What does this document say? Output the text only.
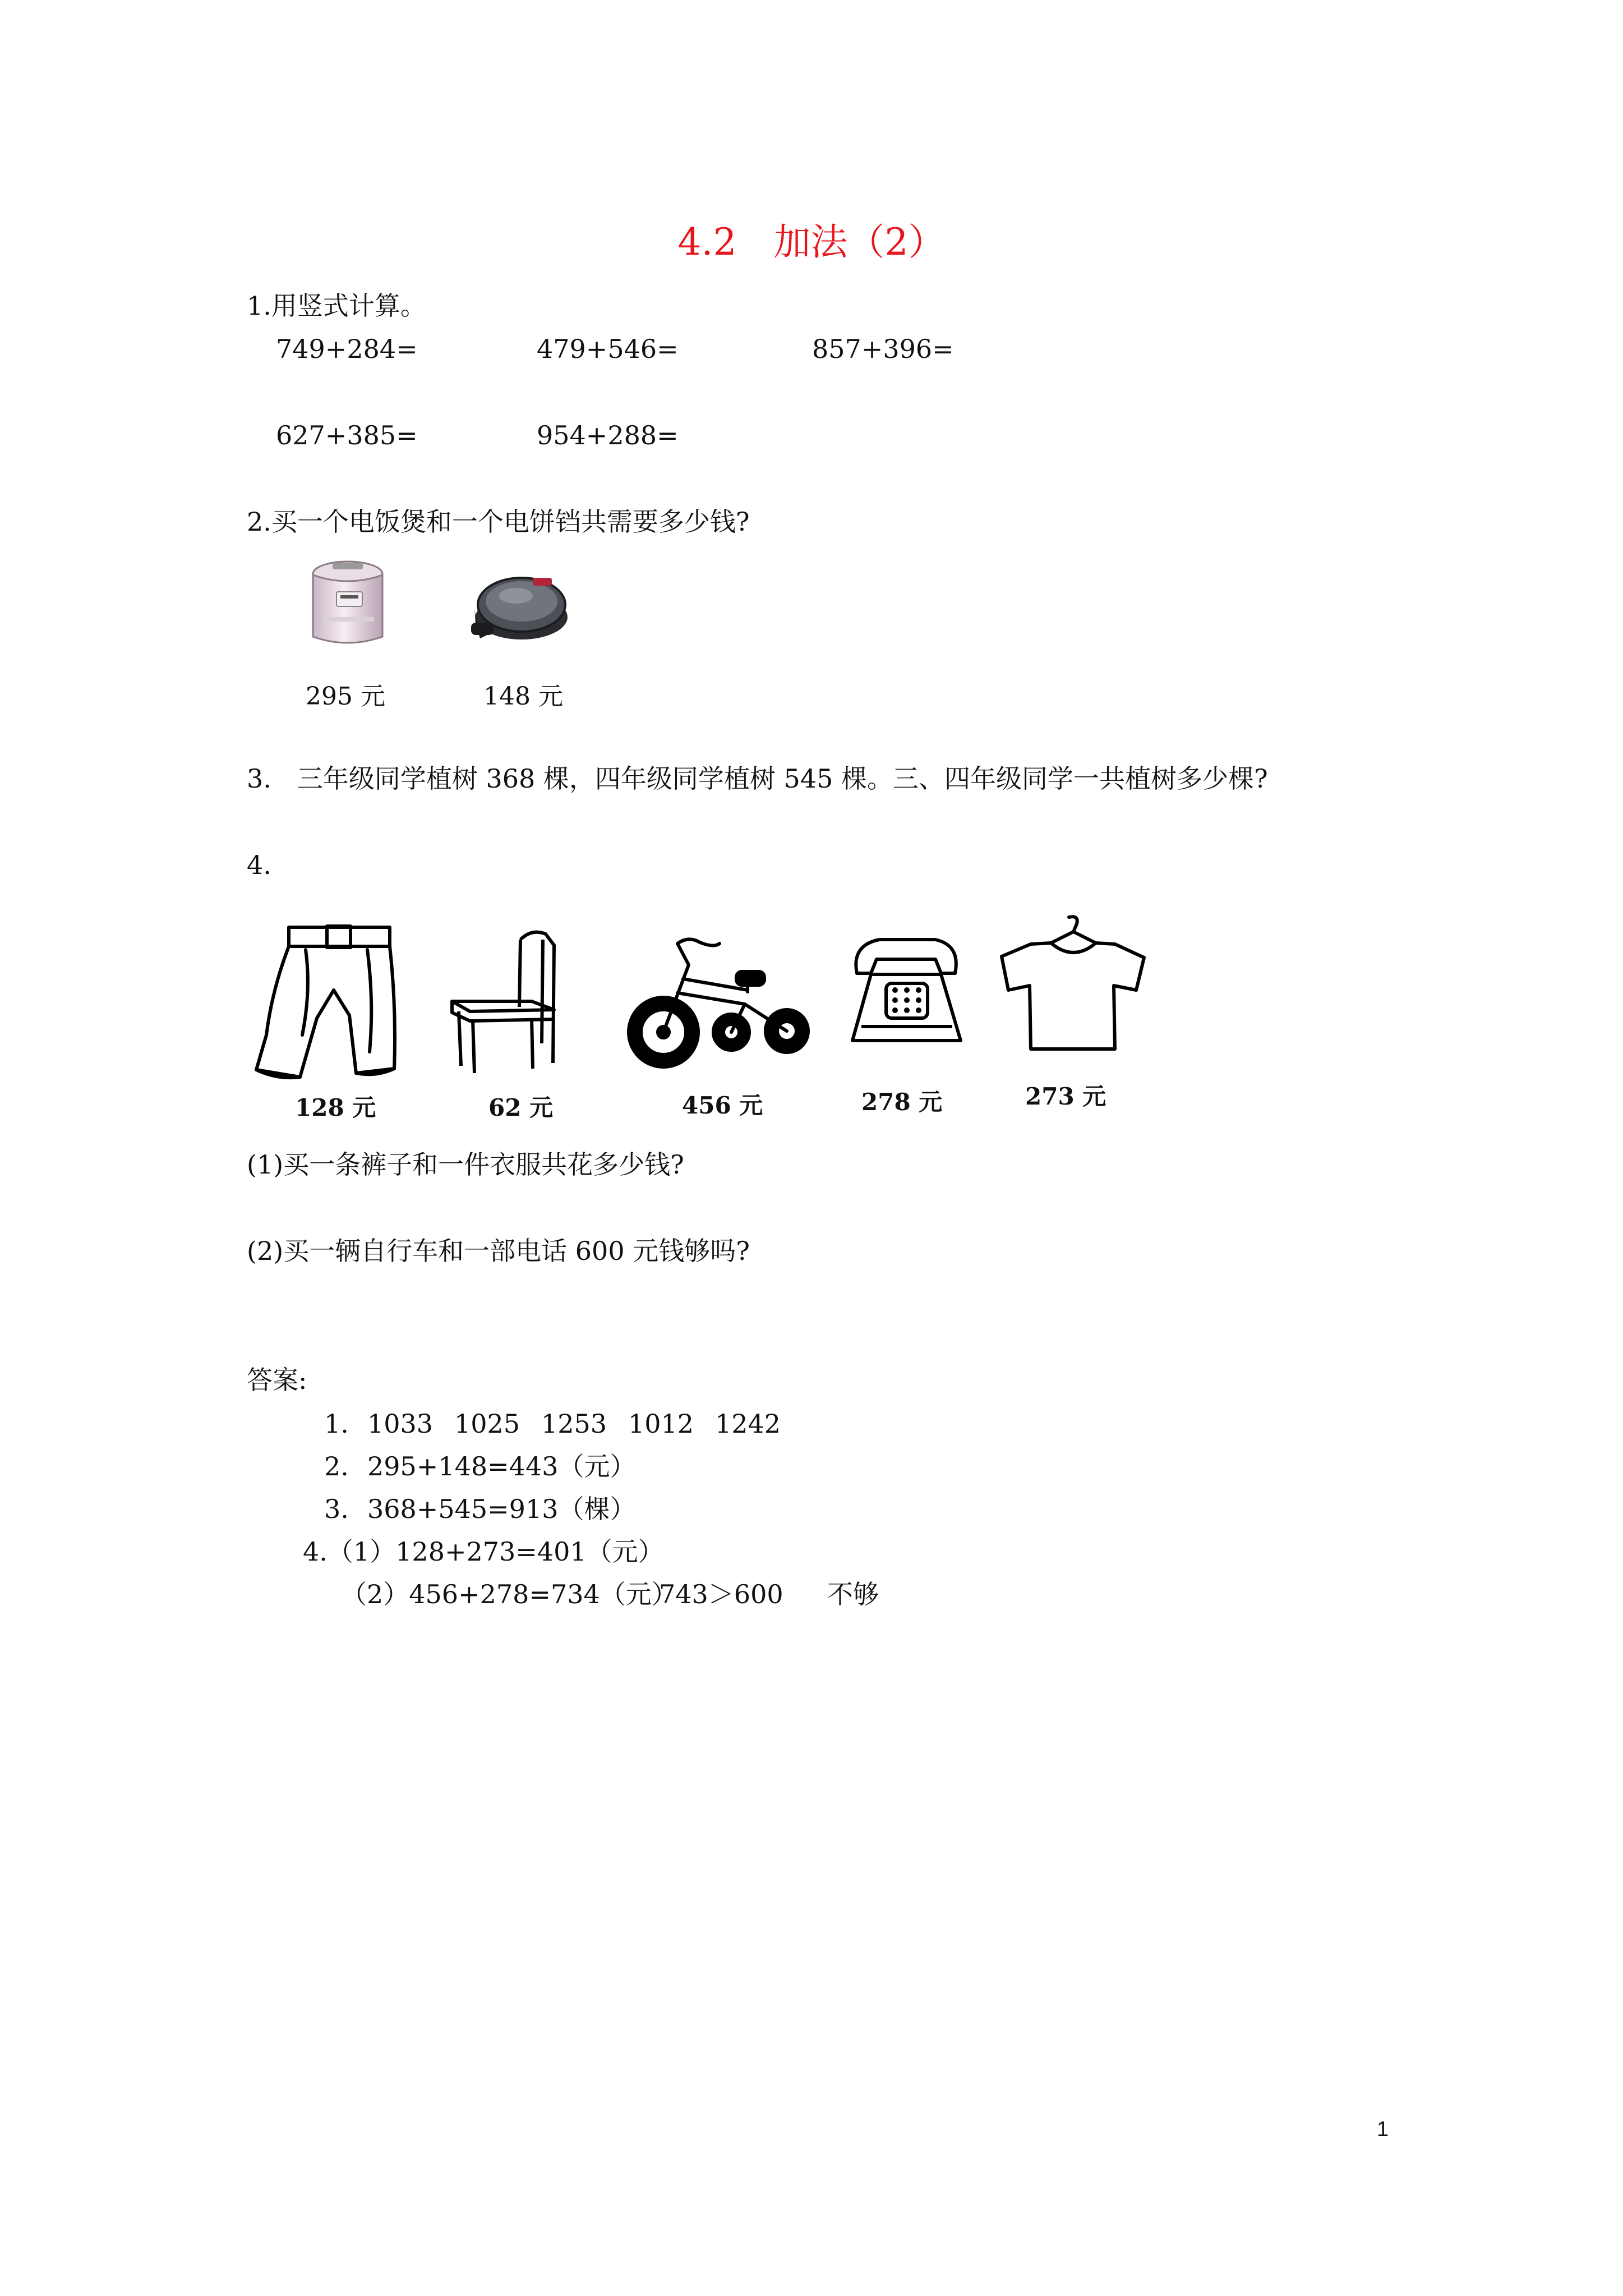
4.2　加法（2）
1.用竖式计算。
749+284=	479+546=	857+396=
627+385=	954+288=
2.买一个电饭煲和一个电饼铛共需要多少钱?
295 元	148 元
3.　三年级同学植树 368 棵，四年级同学植树 545 棵。三、四年级同学一共植树多少棵?
4.
128 元	62 元	456 元	278 元	273 元
(1)买一条裤子和一件衣服共花多少钱?
(2)买一辆自行车和一部电话 600 元钱够吗?
答案:
1. 1033 1025 1253 1012 1242
2. 295+148=443（元）
3. 368+545=913（棵）
4.（1）128+273=401（元）
（2）456+278=734（元）
743＞600 不够
1
